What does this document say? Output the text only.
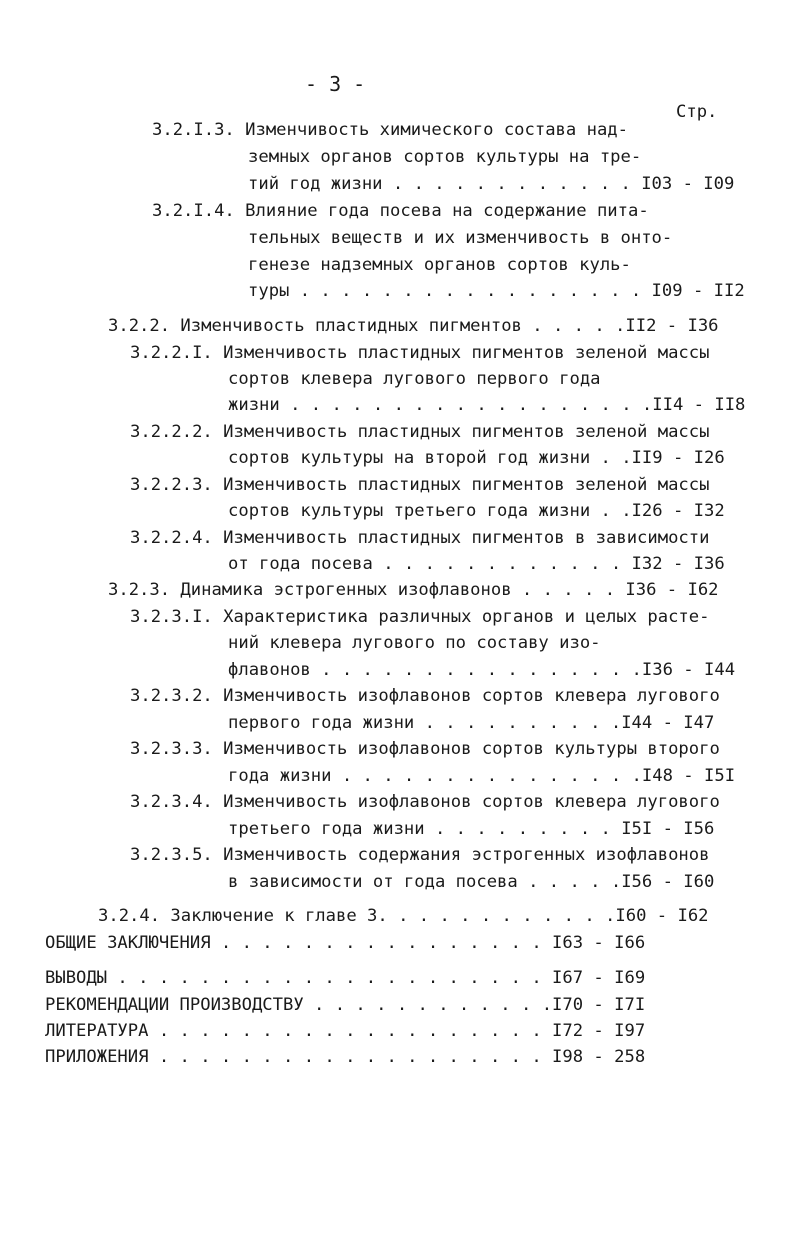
- 3 -
Стр.
3.2.I.3. Изменчивость химического состава над-
земных органов сортов культуры на тре-
тий год жизни . . . . . . . . . . . . I03 - I09
3.2.I.4. Влияние года посева на содержание пита-
тельных веществ и их изменчивость в онто-
генезе надземных органов сортов куль-
туры . . . . . . . . . . . . . . . . . I09 - II2
3.2.2. Изменчивость пластидных пигментов . . . . .II2 - I36
3.2.2.I. Изменчивость пластидных пигментов зеленой массы
сортов клевера лугового первого года
жизни . . . . . . . . . . . . . . . . . .II4 - II8
3.2.2.2. Изменчивость пластидных пигментов зеленой массы
сортов культуры на второй год жизни . .II9 - I26
3.2.2.3. Изменчивость пластидных пигментов зеленой массы
сортов культуры третьего года жизни . .I26 - I32
3.2.2.4. Изменчивость пластидных пигментов в зависимости
от года посева . . . . . . . . . . . . I32 - I36
3.2.3. Динамика эстрогенных изофлавонов . . . . . I36 - I62
3.2.3.I. Характеристика различных органов и целых расте-
ний клевера лугового по составу изо-
флавонов . . . . . . . . . . . . . . . .I36 - I44
3.2.3.2. Изменчивость изофлавонов сортов клевера лугового
первого года жизни . . . . . . . . . .I44 - I47
3.2.3.3. Изменчивость изофлавонов сортов культуры второго
года жизни . . . . . . . . . . . . . . .I48 - I5I
3.2.3.4. Изменчивость изофлавонов сортов клевера лугового
третьего года жизни . . . . . . . . . I5I - I56
3.2.3.5. Изменчивость содержания эстрогенных изофлавонов
в зависимости от года посева . . . . .I56 - I60
3.2.4. Заключение к главе 3. . . . . . . . . . . .I60 - I62
ОБЩИЕ ЗАКЛЮЧЕНИЯ . . . . . . . . . . . . . . . . I63 - I66
ВЫВОДЫ . . . . . . . . . . . . . . . . . . . . . I67 - I69
РЕКОМЕНДАЦИИ ПРОИЗВОДСТВУ . . . . . . . . . . . .I70 - I7I
ЛИТЕРАТУРА . . . . . . . . . . . . . . . . . . . I72 - I97
ПРИЛОЖЕНИЯ . . . . . . . . . . . . . . . . . . . I98 - 258
